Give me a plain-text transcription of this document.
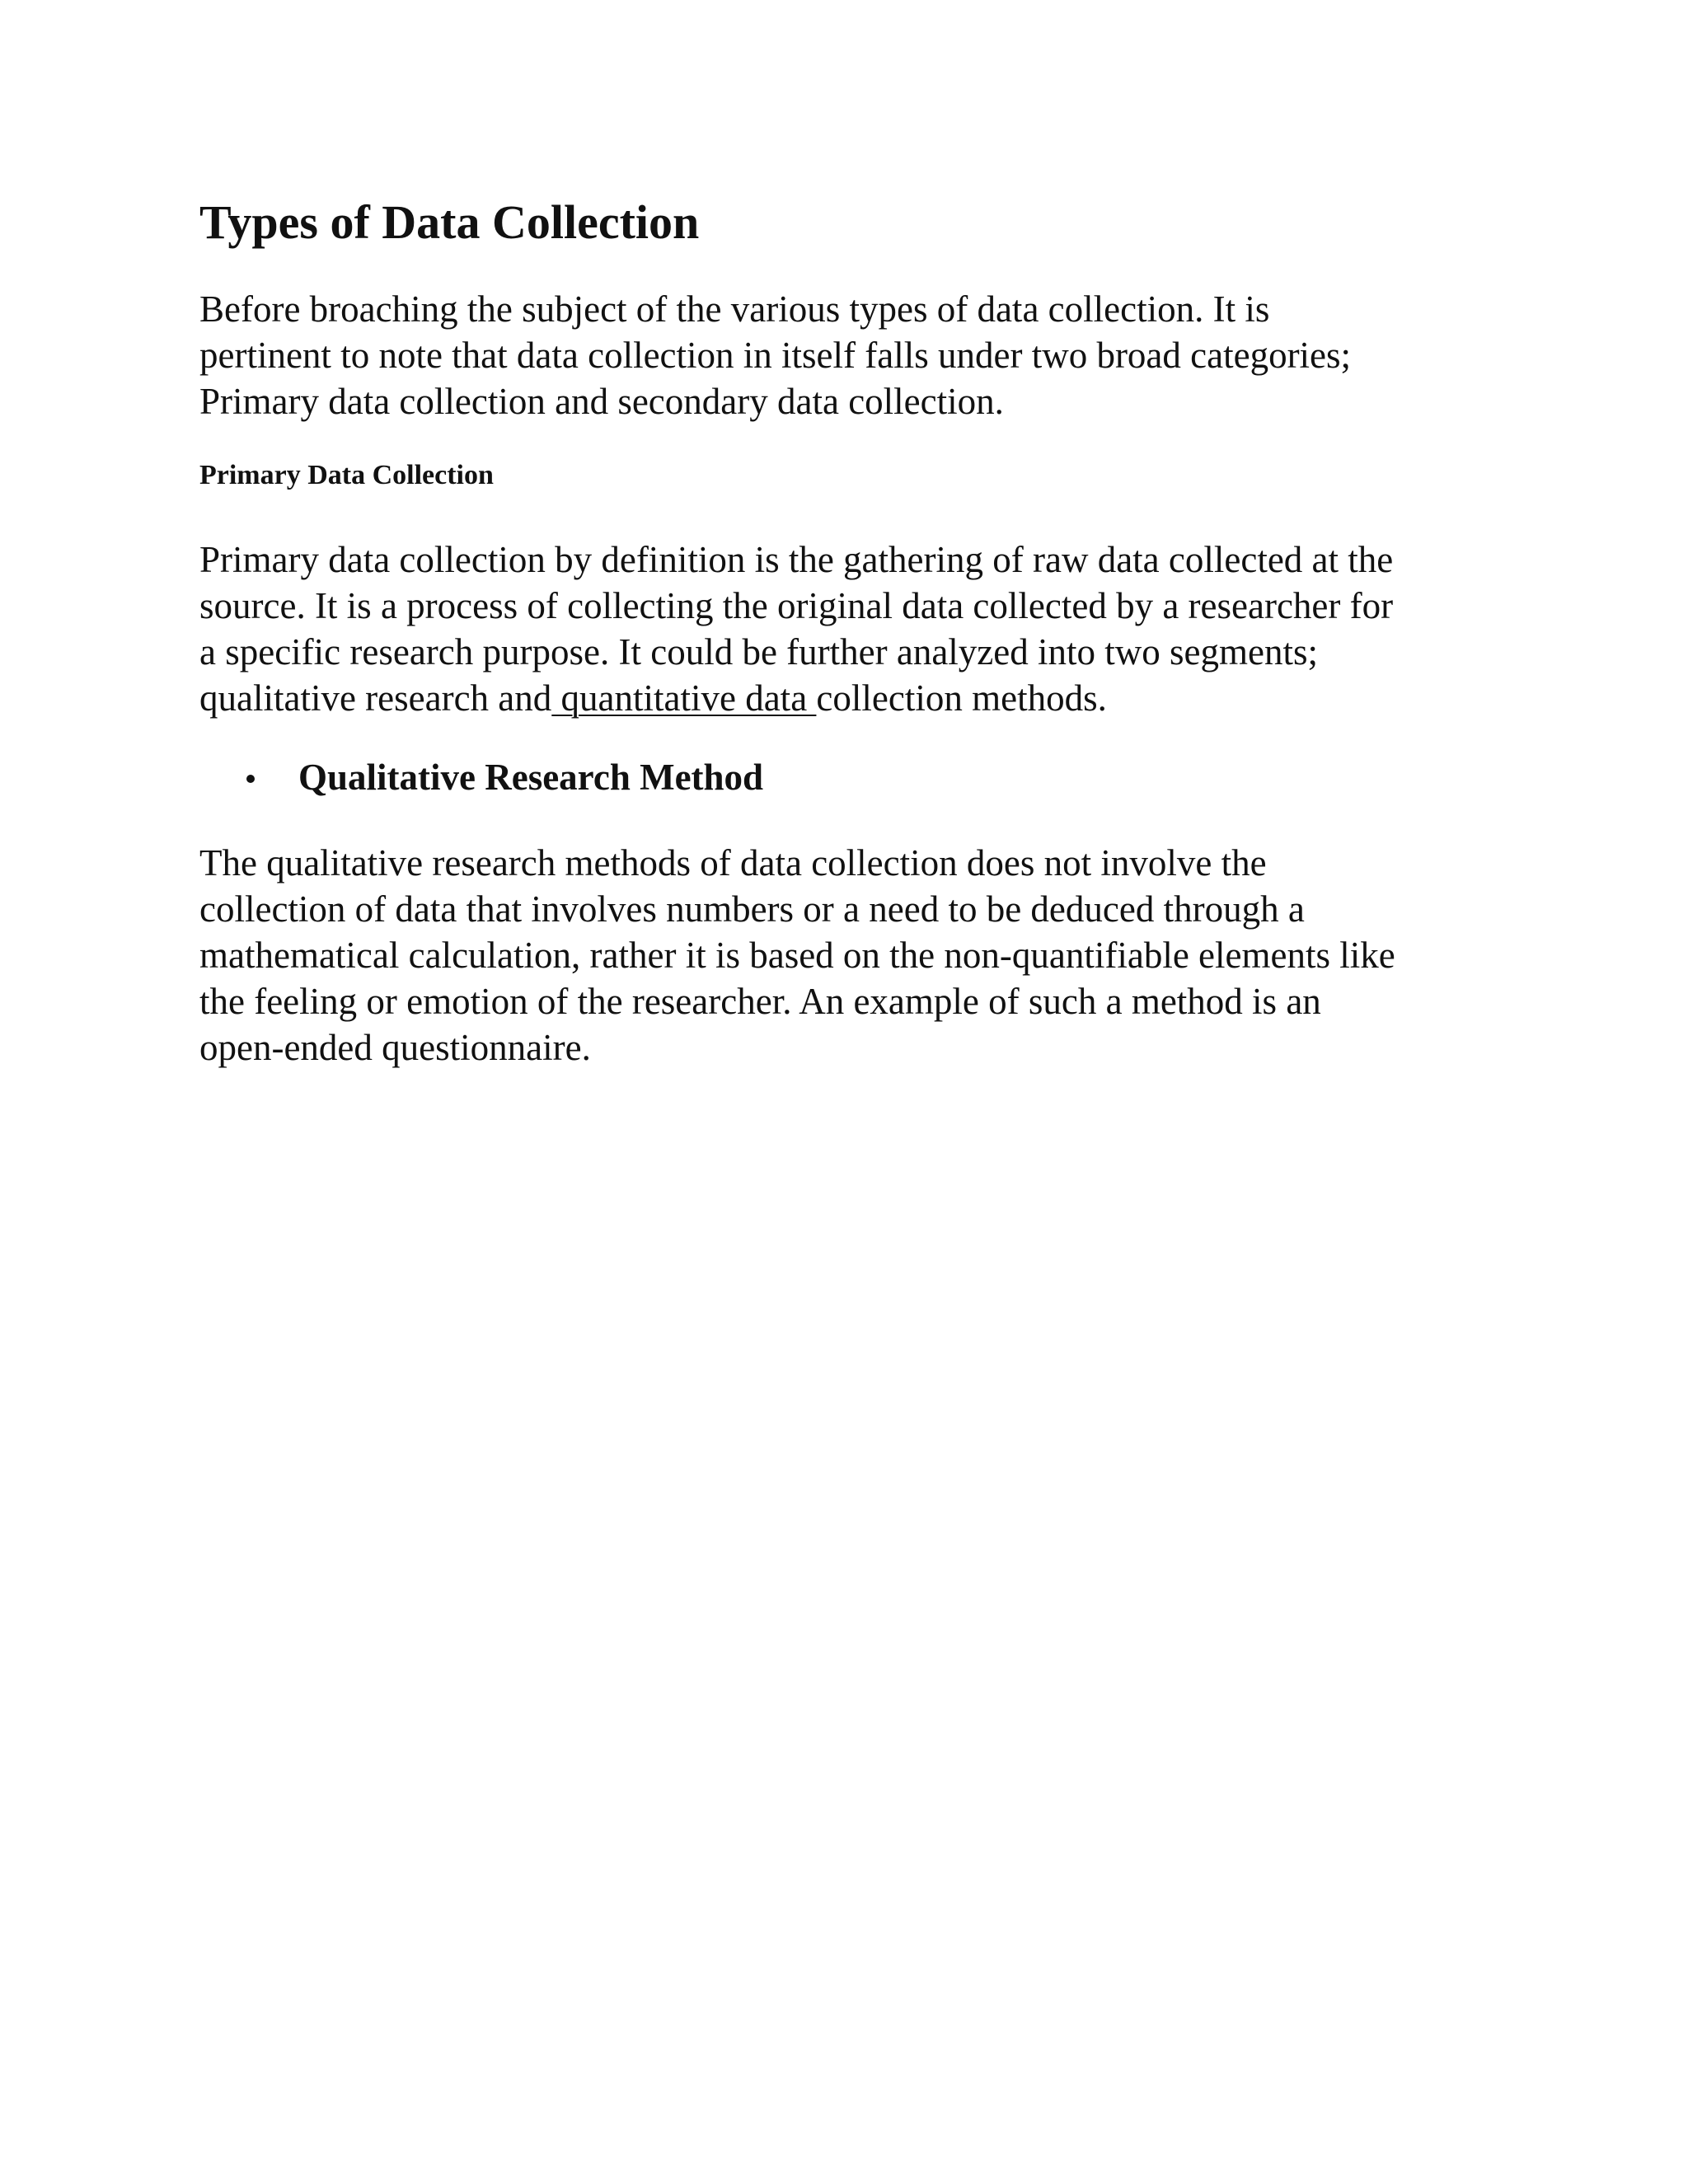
Types of Data Collection

Before broaching the subject of the various types of data collection. It is
pertinent to note that data collection in itself falls under two broad categories;
Primary data collection and secondary data collection.

Primary Data Collection

Primary data collection by definition is the gathering of raw data collected at the
source. It is a process of collecting the original data collected by a researcher for
a specific research purpose. It could be further analyzed into two segments;
qualitative research and quantitative data collection methods.

Qualitative Research Method

The qualitative research methods of data collection does not involve the
collection of data that involves numbers or a need to be deduced through a
mathematical calculation, rather it is based on the non-quantifiable elements like
the feeling or emotion of the researcher. An example of such a method is an
open-ended questionnaire.
